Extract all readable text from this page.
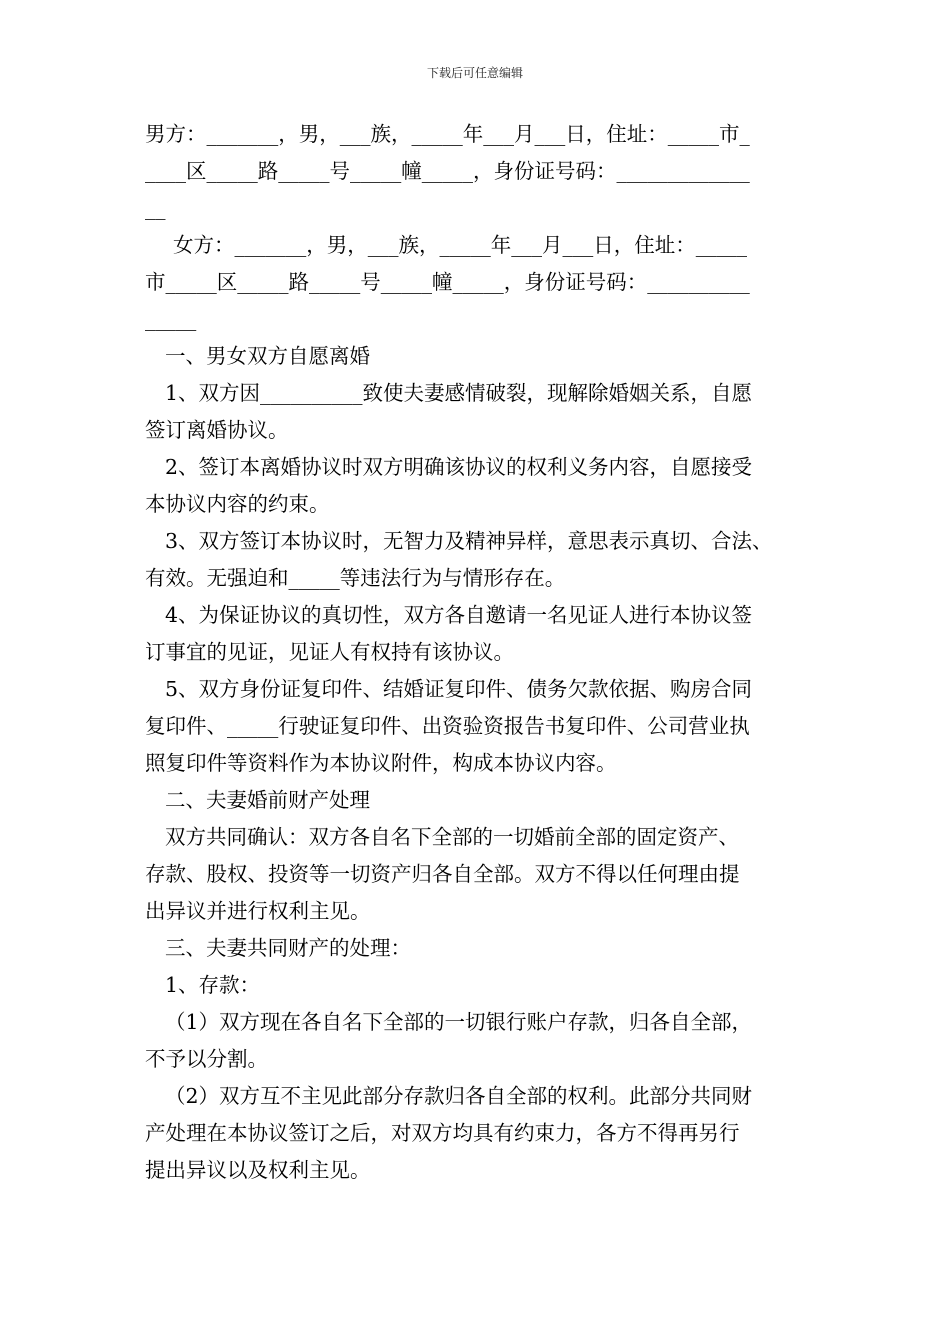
下载后可任意编辑
男方：_______，男，___族，_____年___月___日，住址：_____市_
____区_____路_____号_____幢_____，身份证号码：_____________
__
女方：_______，男，___族，_____年___月___日，住址：_____
市_____区_____路_____号_____幢_____，身份证号码：__________
_____
一、男女双方自愿离婚
1、双方因__________致使夫妻感情破裂，现解除婚姻关系，自愿
签订离婚协议。
2、签订本离婚协议时双方明确该协议的权利义务内容，自愿接受
本协议内容的约束。
3、双方签订本协议时，无智力及精神异样，意思表示真切、合法、
有效。无强迫和_____等违法行为与情形存在。
4、为保证协议的真切性，双方各自邀请一名见证人进行本协议签
订事宜的见证，见证人有权持有该协议。
5、双方身份证复印件、结婚证复印件、债务欠款依据、购房合同
复印件、_____行驶证复印件、出资验资报告书复印件、公司营业执
照复印件等资料作为本协议附件，构成本协议内容。
二、夫妻婚前财产处理
双方共同确认：双方各自名下全部的一切婚前全部的固定资产、
存款、股权、投资等一切资产归各自全部。双方不得以任何理由提
出异议并进行权利主见。
三、夫妻共同财产的处理：
1、存款：
（1）双方现在各自名下全部的一切银行账户存款，归各自全部，
不予以分割。
（2）双方互不主见此部分存款归各自全部的权利。此部分共同财
产处理在本协议签订之后，对双方均具有约束力，各方不得再另行
提出异议以及权利主见。
